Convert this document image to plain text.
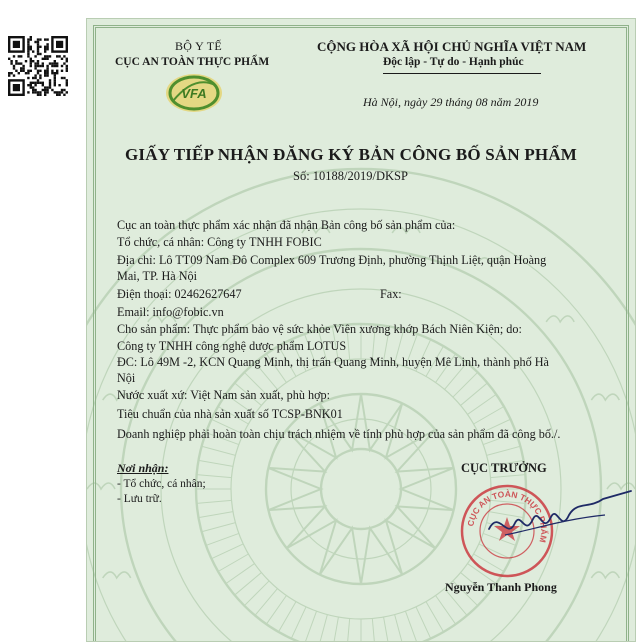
BỘ Y TẾ
CỤC AN TOÀN THỰC PHẨM
VFA
CỘNG HÒA XÃ HỘI CHỦ NGHĨA VIỆT NAM
Độc lập - Tự do - Hạnh phúc
Hà Nội, ngày 29 tháng 08 năm 2019
GIẤY TIẾP NHẬN ĐĂNG KÝ BẢN CÔNG BỐ SẢN PHẨM
Số: 10188/2019/DKSP
Cục an toàn thực phẩm xác nhận đã nhận Bản công bố sản phẩm của:
Tổ chức, cá nhân: Công ty TNHH FOBIC
Địa chỉ: Lô TT09 Nam Đô Complex 609 Trương Định, phường Thịnh Liệt, quận Hoàng
Mai, TP. Hà Nội
Điện thoại: 02462627647	Fax:
Email: info@fobic.vn
Cho sản phẩm: Thực phẩm bảo vệ sức khỏe Viên xương khớp Bách Niên Kiện; do:
Công ty TNHH công nghệ dược phẩm LOTUS
ĐC: Lô 49M -2, KCN Quang Minh, thị trấn Quang Minh, huyện Mê Linh, thành phố Hà
Nội
Nước xuất xứ: Việt Nam sản xuất, phù hợp:
Tiêu chuẩn của nhà sản xuất số TCSP-BNK01
Doanh nghiệp phải hoàn toàn chịu trách nhiệm về tính phù hợp của sản phẩm đã công bố./.
Nơi nhận:
- Tổ chức, cá nhân;
- Lưu trữ.
CỤC TRƯỞNG
CỤC AN TOÀN THỰC PHẨM
Nguyễn Thanh Phong
